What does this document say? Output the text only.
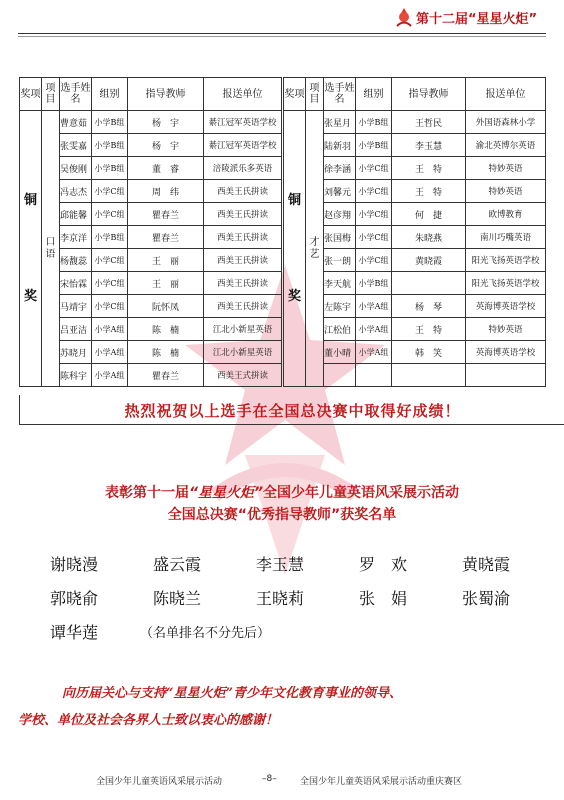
第十二届“星星火炬”
奖项	项目	选手姓名	组别	指导教师	报送单位

铜
奖	口语	曹意茹	小学B组	杨　宇	綦江冠军英语学校
		张雯嘉	小学B组	杨　宇	綦江冠军英语学校
		吴俊刚	小学B组	董　睿	涪陵派乐多英语
		冯志杰	小学C组	周　纬	西美王氏拼读
		邱能馨	小学C组	瞿春兰	西美王氏拼读
		李京洋	小学B组	瞿春兰	西美王氏拼读
		杨馥蕊	小学C组	王　丽	西美王氏拼读
		宋怡霖	小学C组	王　丽	西美王氏拼读
		马靖宇	小学C组	阮怀凤	西美王氏拼读
		吕亚洁	小学A组	陈　楠	江北小新星英语
		苏晓月	小学A组	陈　楠	江北小新星英语
		陈科宇	小学A组	瞿春兰	西美王式拼读
奖项	项目	选手姓名	组别	指导教师	报送单位

铜
奖	才艺	张星月	小学B组	王哲民	外国语森林小学
		陆新羽	小学B组	李玉慧	渝北英博尔英语
		徐李涵	小学C组	王　特	特妙英语
		刘馨元	小学C组	王　特	特妙英语
		赵彦翔	小学C组	何　捷	欧博教育
		张国梅	小学C组	朱晓燕	南川巧嘴英语
		张一朗	小学C组	黄晓霞	阳光飞扬英语学校
		李天航	小学B组		阳光飞扬英语学校
		左陈宇	小学A组	杨　琴	英海博英语学校
		江松伯	小学A组	王　特	特妙英语
		董小晴	小学A组	韩　笑	英海博英语学校

热烈祝贺以上选手在全国总决赛中取得好成绩！
表彰第十一届“星星火炬”全国少年儿童英语风采展示活动
全国总决赛“优秀指导教师”获奖名单
谢晓漫	盛云霞	李玉慧	罗　欢	黄晓霞
郭晓俞	陈晓兰	王晓莉	张　娟	张蜀渝
谭华莲	（名单排名不分先后）
向历届关心与支持“星星火炬”青少年文化教育事业的领导、
学校、单位及社会各界人士致以衷心的感谢！
全国少年儿童英语风采展示活动	–8–	全国少年儿童英语风采展示活动重庆赛区
